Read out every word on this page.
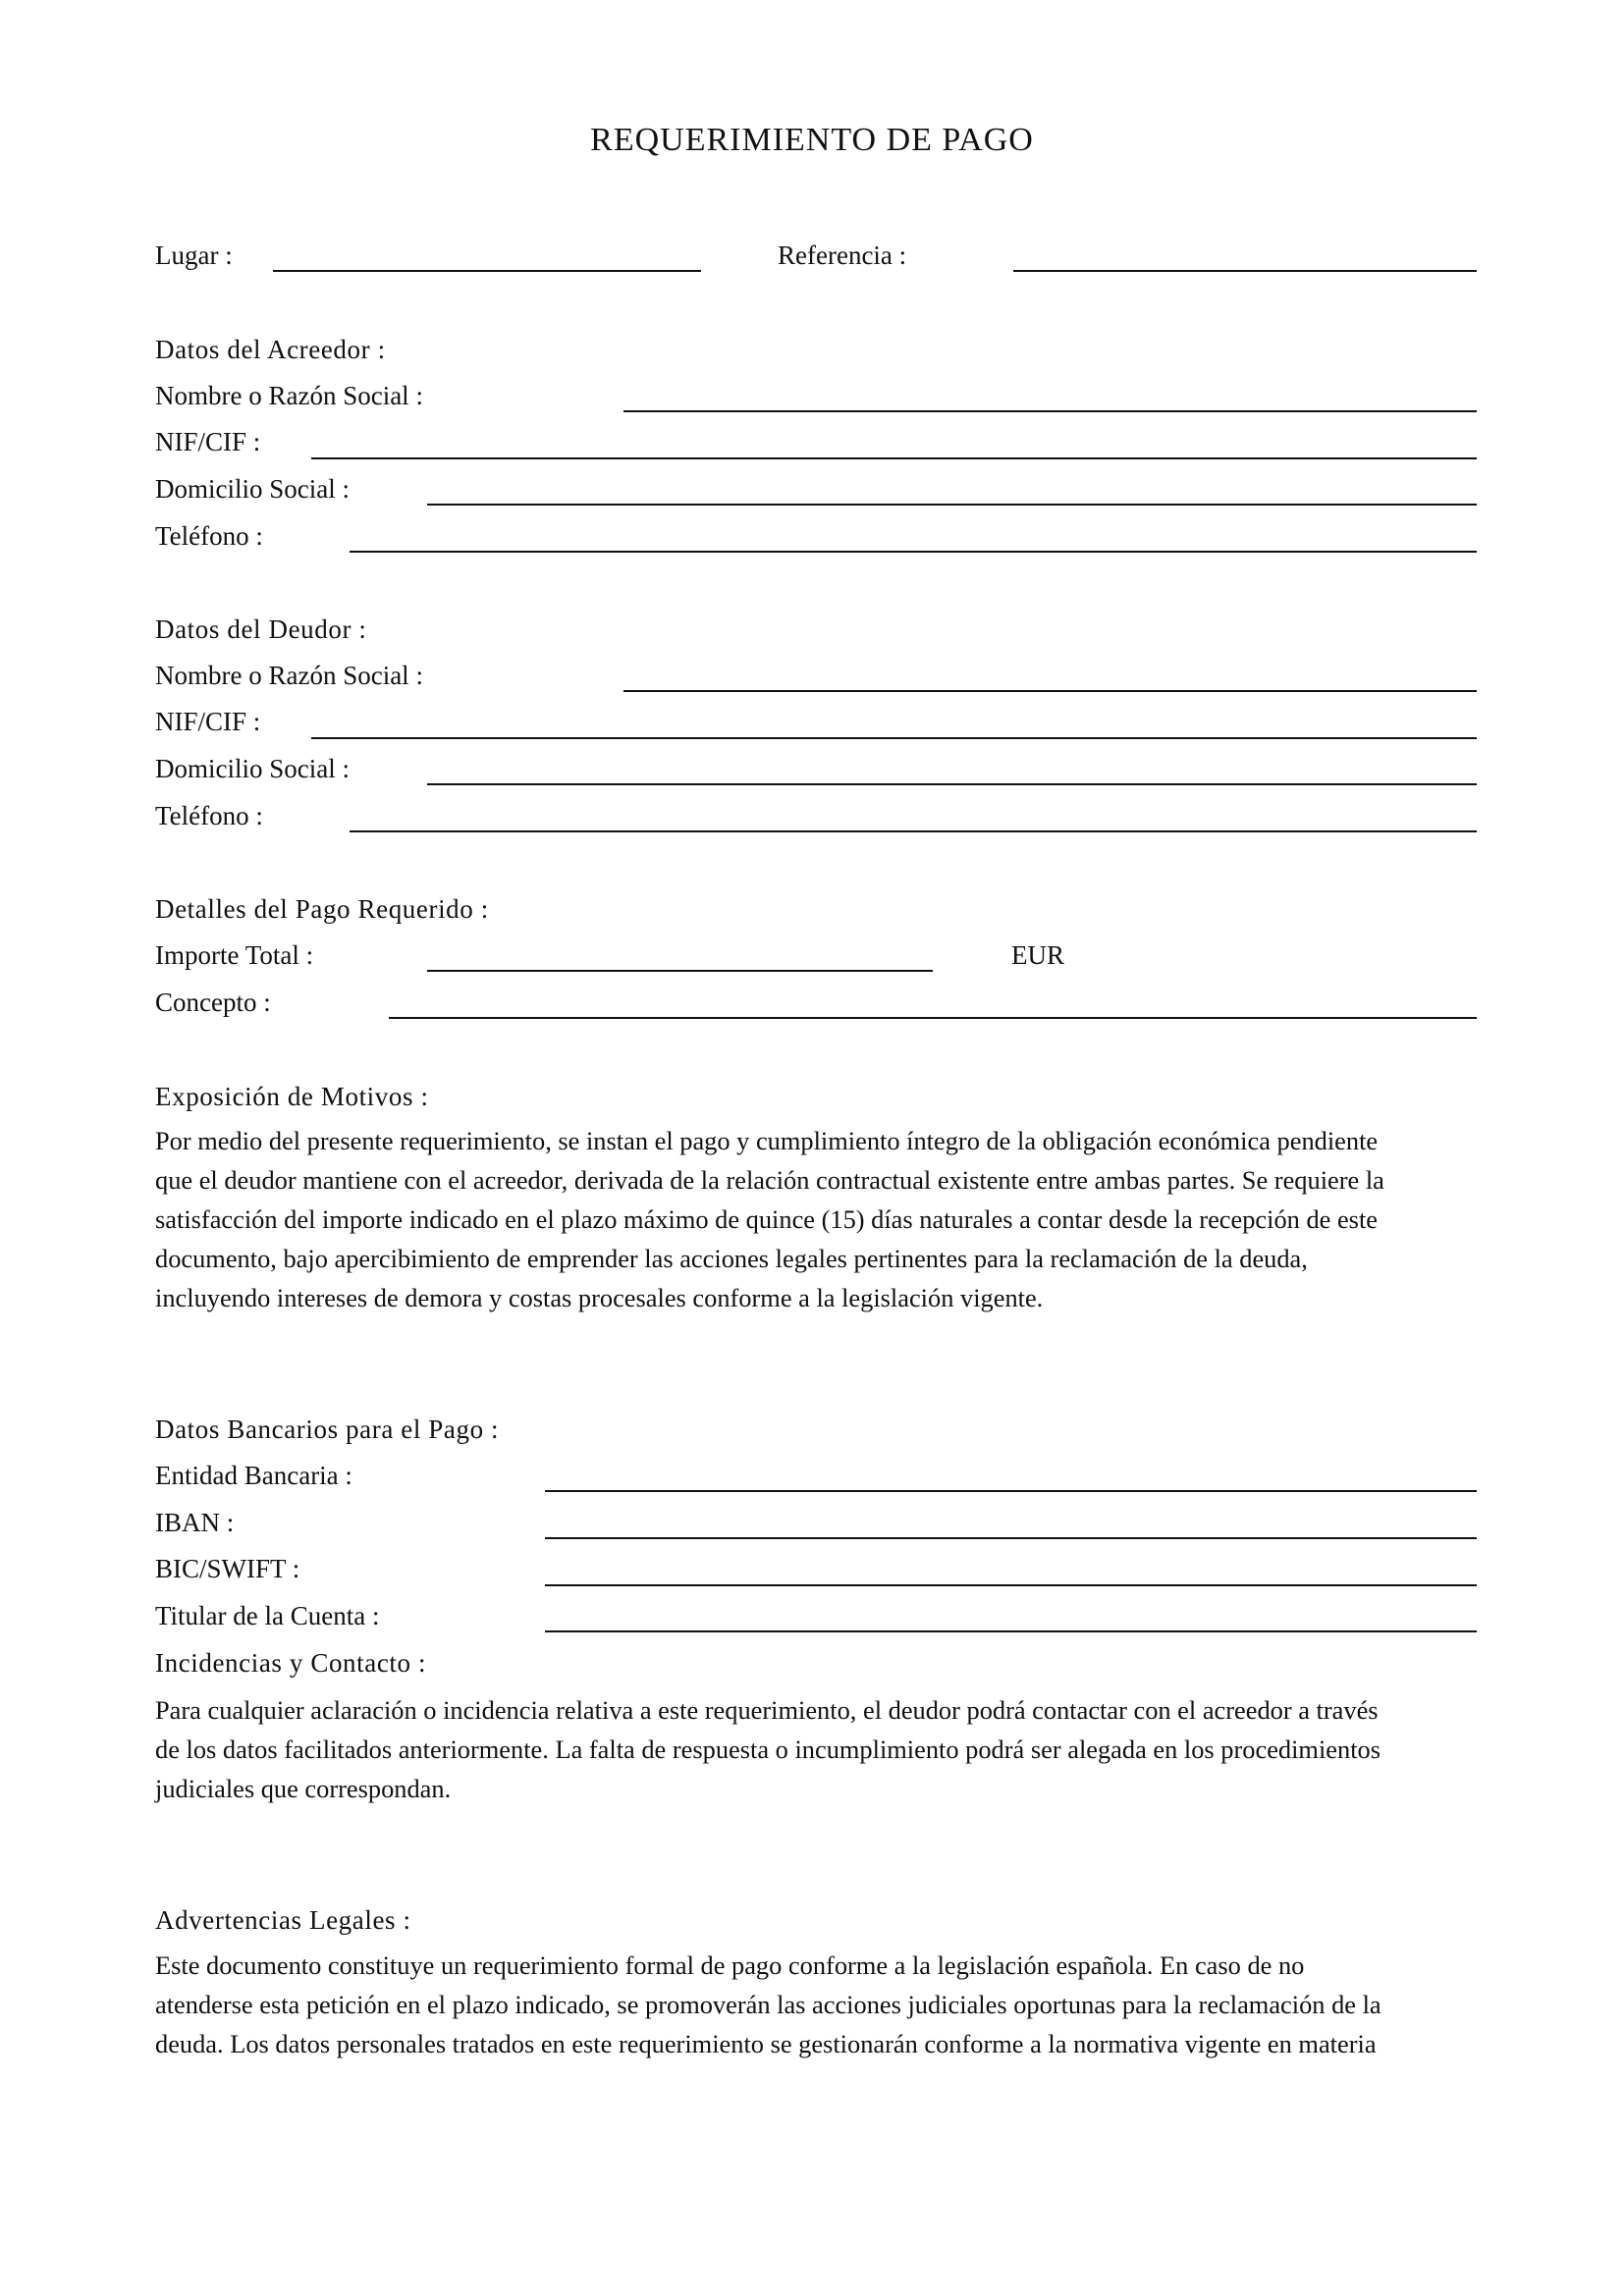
REQUERIMIENTO DE PAGO
Lugar :	Referencia :
Datos del Acreedor :
Nombre o Razón Social :
NIF/CIF :
Domicilio Social :
Teléfono :
Datos del Deudor :
Nombre o Razón Social :
NIF/CIF :
Domicilio Social :
Teléfono :
Detalles del Pago Requerido :
Importe Total :	EUR
Concepto :
Exposición de Motivos :
Por medio del presente requerimiento, se instan el pago y cumplimiento íntegro de la obligación económica pendiente
que el deudor mantiene con el acreedor, derivada de la relación contractual existente entre ambas partes. Se requiere la
satisfacción del importe indicado en el plazo máximo de quince (15) días naturales a contar desde la recepción de este
documento, bajo apercibimiento de emprender las acciones legales pertinentes para la reclamación de la deuda,
incluyendo intereses de demora y costas procesales conforme a la legislación vigente.
Datos Bancarios para el Pago :
Entidad Bancaria :
IBAN :
BIC/SWIFT :
Titular de la Cuenta :
Incidencias y Contacto :
Para cualquier aclaración o incidencia relativa a este requerimiento, el deudor podrá contactar con el acreedor a través
de los datos facilitados anteriormente. La falta de respuesta o incumplimiento podrá ser alegada en los procedimientos
judiciales que correspondan.
Advertencias Legales :
Este documento constituye un requerimiento formal de pago conforme a la legislación española. En caso de no
atenderse esta petición en el plazo indicado, se promoverán las acciones judiciales oportunas para la reclamación de la
deuda. Los datos personales tratados en este requerimiento se gestionarán conforme a la normativa vigente en materia
